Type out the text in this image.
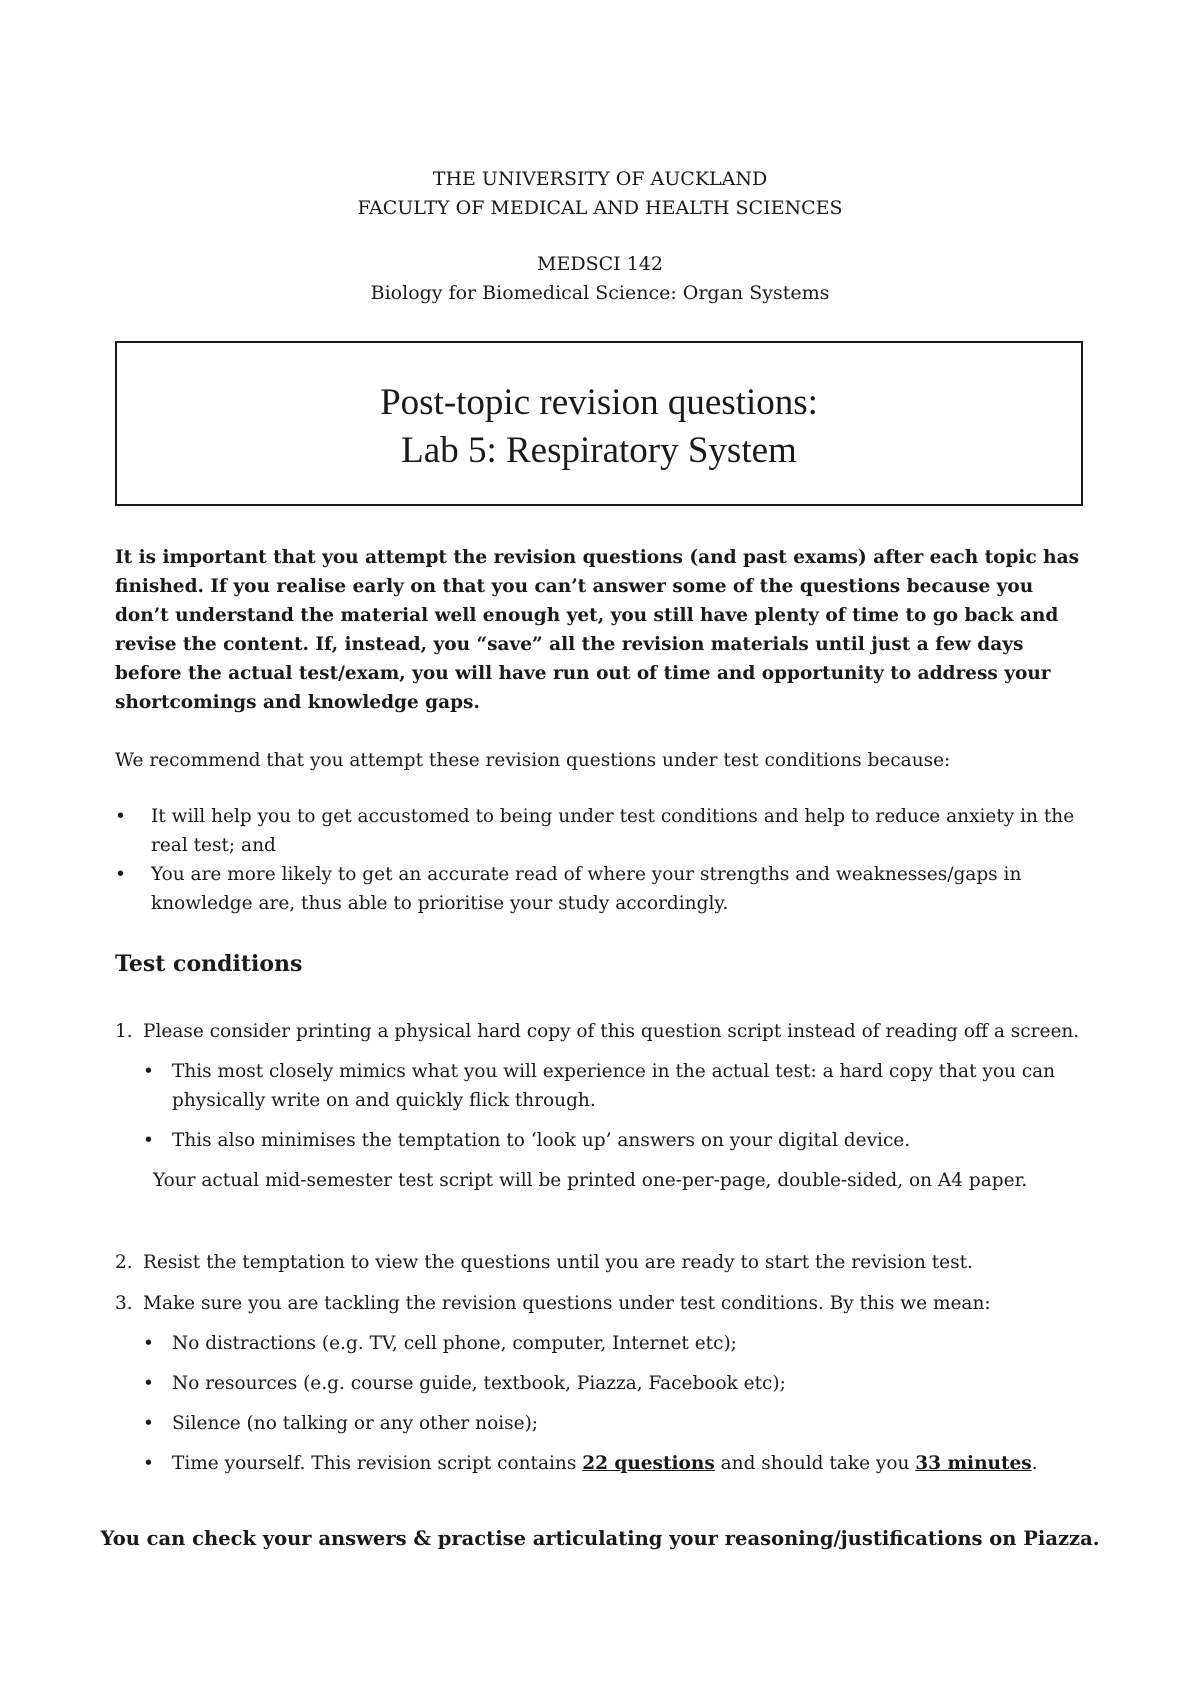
THE UNIVERSITY OF AUCKLAND
FACULTY OF MEDICAL AND HEALTH SCIENCES
MEDSCI 142
Biology for Biomedical Science: Organ Systems
Post-topic revision questions:
Lab 5: Respiratory System
It is important that you attempt the revision questions (and past exams) after each topic has finished. If you realise early on that you can’t answer some of the questions because you don’t understand the material well enough yet, you still have plenty of time to go back and revise the content. If, instead, you “save” all the revision materials until just a few days before the actual test/exam, you will have run out of time and opportunity to address your shortcomings and knowledge gaps.
We recommend that you attempt these revision questions under test conditions because:
•	It will help you to get accustomed to being under test conditions and help to reduce anxiety in the real test; and
•	You are more likely to get an accurate read of where your strengths and weaknesses/gaps in knowledge are, thus able to prioritise your study accordingly.
Test conditions
1. Please consider printing a physical hard copy of this question script instead of reading off a screen.
• This most closely mimics what you will experience in the actual test: a hard copy that you can physically write on and quickly flick through.
• This also minimises the temptation to ‘look up’ answers on your digital device.
Your actual mid-semester test script will be printed one-per-page, double-sided, on A4 paper.
2. Resist the temptation to view the questions until you are ready to start the revision test.
3. Make sure you are tackling the revision questions under test conditions. By this we mean:
• No distractions (e.g. TV, cell phone, computer, Internet etc);
• No resources (e.g. course guide, textbook, Piazza, Facebook etc);
• Silence (no talking or any other noise);
• Time yourself. This revision script contains 22 questions and should take you 33 minutes.
You can check your answers & practise articulating your reasoning/justifications on Piazza.
